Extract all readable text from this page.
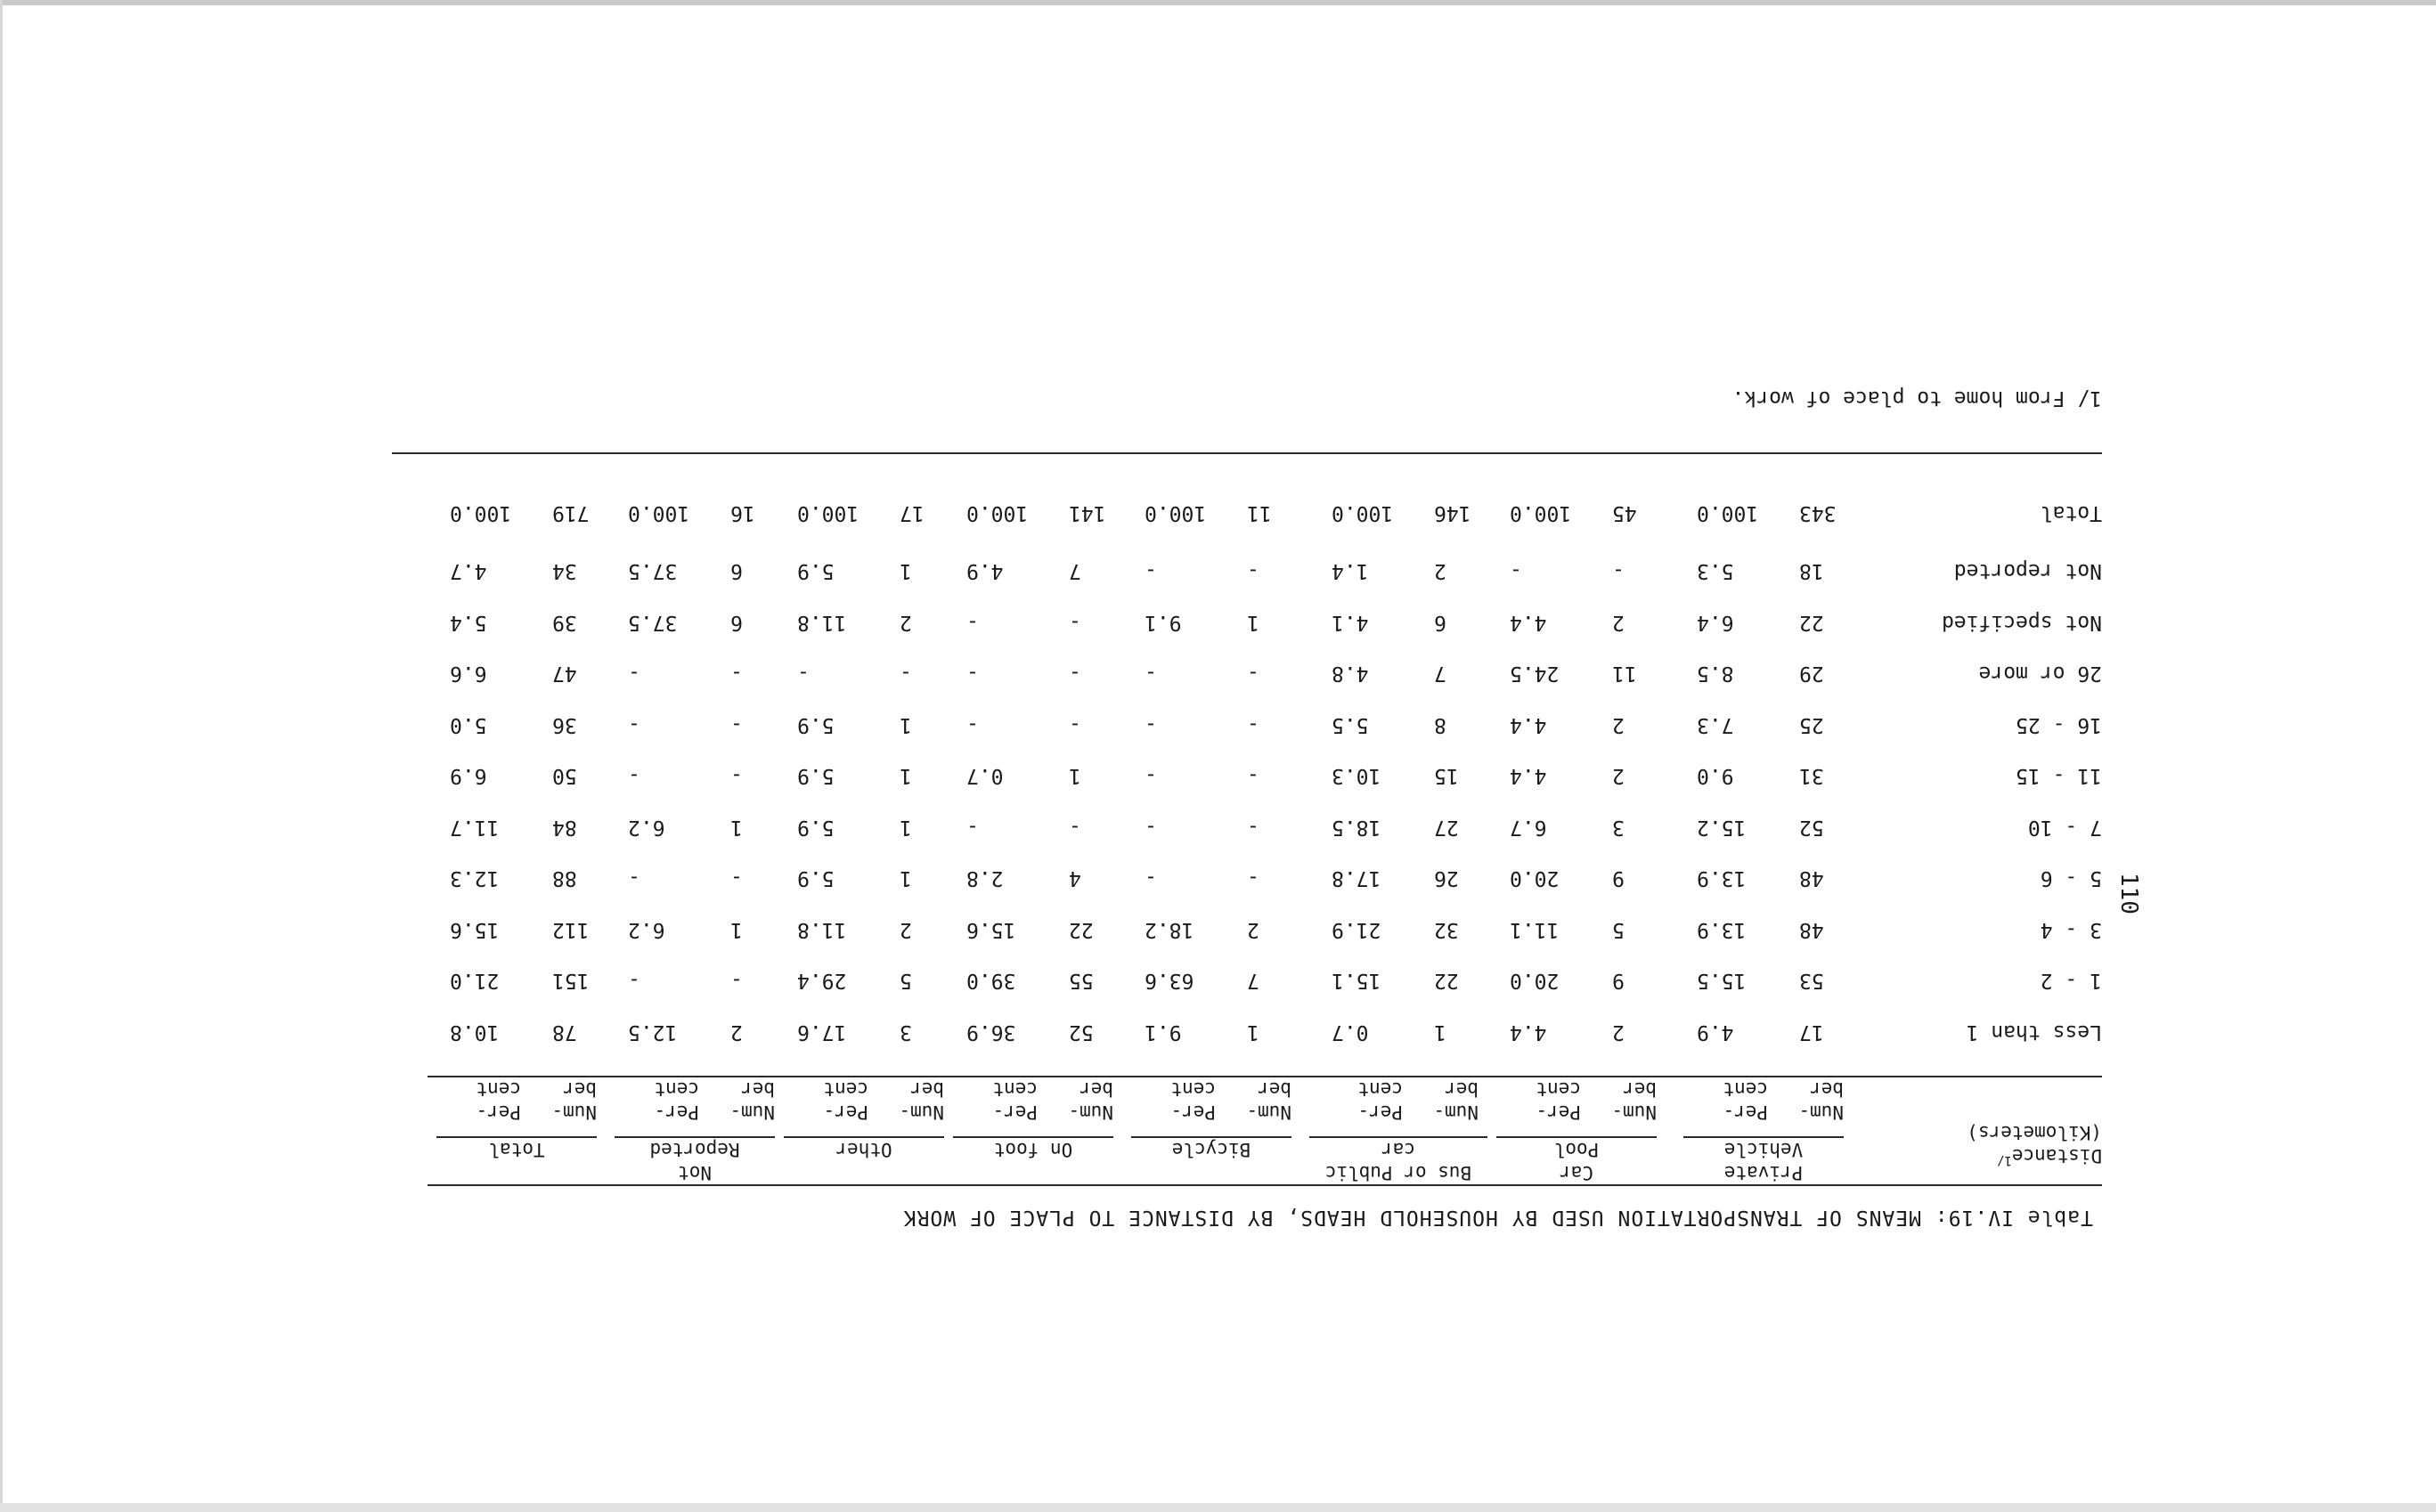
110
Table IV.19: MEANS OF TRANSPORTATION USED BY HOUSEHOLD HEADS, BY DISTANCE TO PLACE OF WORK
Distance$^{1/}$
(Kilometers)
Private
Vehicle
Car
Pool
Bus or Public
car
Bicycle
On foot
Other
Not
Reported
Total
Num-
ber
Per-
cent
Num-
ber
Per-
cent
Num-
ber
Per-
cent
Num-
ber
Per-
cent
Num-
ber
Per-
cent
Num-
ber
Per-
cent
Num-
ber
Per-
cent
Num-
ber
Per-
cent
Less than 1
17
4.9
2
4.4
1
0.7
1
9.1
52
36.9
3
17.6
2
12.5
78
10.8
1 - 2
53
15.5
9
20.0
22
15.1
7
63.6
55
39.0
5
29.4
-
-
151
21.0
3 - 4
48
13.9
5
11.1
32
21.9
2
18.2
22
15.6
2
11.8
1
6.2
112
15.6
5 - 6
48
13.9
9
20.0
26
17.8
-
-
4
2.8
1
5.9
-
-
88
12.3
7 - 10
52
15.2
3
6.7
27
18.5
-
-
-
-
1
5.9
1
6.2
84
11.7
11 - 15
31
9.0
2
4.4
15
10.3
-
-
1
0.7
1
5.9
-
-
50
6.9
16 - 25
25
7.3
2
4.4
8
5.5
-
-
-
-
1
5.9
-
-
36
5.0
26 or more
29
8.5
11
24.5
7
4.8
-
-
-
-
-
-
-
-
47
6.6
Not specified
22
6.4
2
4.4
6
4.1
1
9.1
-
-
2
11.8
6
37.5
39
5.4
Not reported
18
5.3
-
-
2
1.4
-
-
7
4.9
1
5.9
6
37.5
34
4.7
Total
343
100.0
45
100.0
146
100.0
11
100.0
141
100.0
17
100.0
16
100.0
719
100.0
1/ From home to place of work.
